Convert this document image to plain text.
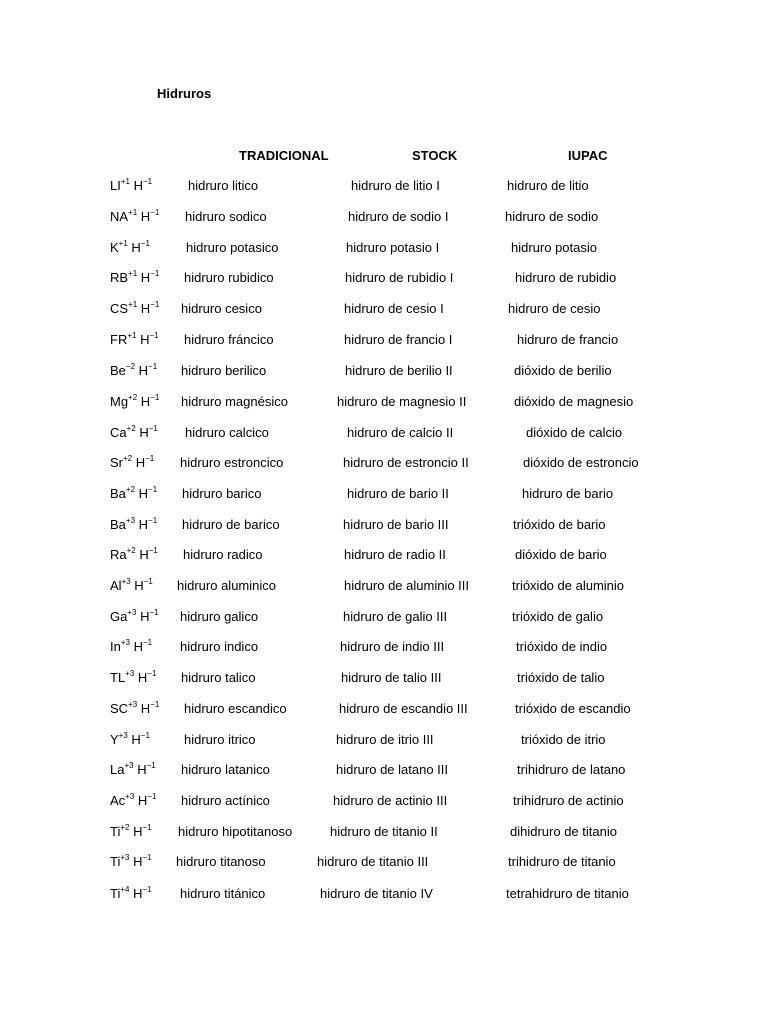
Hidruros
TRADICIONAL	STOCK	IUPAC
$LI^{+1}$ $H^{-1}$	hidruro litico	hidruro de litio I	hidruro de litio
$NA^{+1}$ $H^{-1}$ hidruro sodico	hidruro de sodio I	hidruro de sodio
$K^{+1}$ $H^{-1}$	hidruro potasico	hidruro potasio I	hidruro potasio
$RB^{+1}$ $H^{-1}$ hidruro rubidico	hidruro de rubidio I	hidruro de rubidio
$CS^{+1}$ $H^{-1}$ hidruro cesico	hidruro de cesio I	hidruro de cesio
$FR^{+1}$ $H^{-1}$ hidruro fráncico	hidruro de francio I	hidruro de francio
$Be^{-2}$ $H^{-1}$ hidruro berilico	hidruro de berilio II	dióxido de berilio
$Mg^{+2}$ $H^{-1}$ hidruro magnésico	hidruro de magnesio II	dióxido de magnesio
$Ca^{+2}$ $H^{-1}$ hidruro calcico	hidruro de calcio II	dióxido de calcio
$Sr^{+2}$ $H^{-1}$ hidruro estroncico	hidruro de estroncio II	dióxido de estroncio
$Ba^{+2}$ $H^{-1}$ hidruro barico	hidruro de bario II	hidruro de bario
$Ba^{+3}$ $H^{-1}$ hidruro de barico	hidruro de bario III	trióxido de bario
$Ra^{+2}$ $H^{-1}$ hidruro radico	hidruro de radio II	dióxido de bario
$Al^{+3}$ $H^{-1}$ hidruro aluminico	hidruro de aluminio III	trióxido de aluminio
$Ga^{+3}$ $H^{-1}$ hidruro galico	hidruro de galio III	trióxido de galio
$In^{+3}$ $H^{-1}$ hidruro indico	hidruro de indio III	trióxido de indio
$TL^{+3}$ $H^{-1}$ hidruro talico	hidruro de talio III	trióxido de talio
$SC^{+3}$ $H^{-1}$ hidruro escandico	hidruro de escandio III	trióxido de escandio
$Y^{+3}$ $H^{-1}$	hidruro itrico	hidruro de itrio III	trióxido de itrio
$La^{+3}$ $H^{-1}$ hidruro latanico	hidruro de latano III	trihidruro de latano
$Ac^{+3}$ $H^{-1}$ hidruro actínico	hidruro de actinio III	trihidruro de actinio
$Ti^{+2}$ $H^{-1}$ hidruro hipotitanoso	hidruro de titanio II	dihidruro de titanio
$Ti^{+3}$ $H^{-1}$ hidruro titanoso	hidruro de titanio III	trihidruro de titanio
$Ti^{+4}$ $H^{-1}$ hidruro titánico	hidruro de titanio IV	tetrahidruro de titanio
